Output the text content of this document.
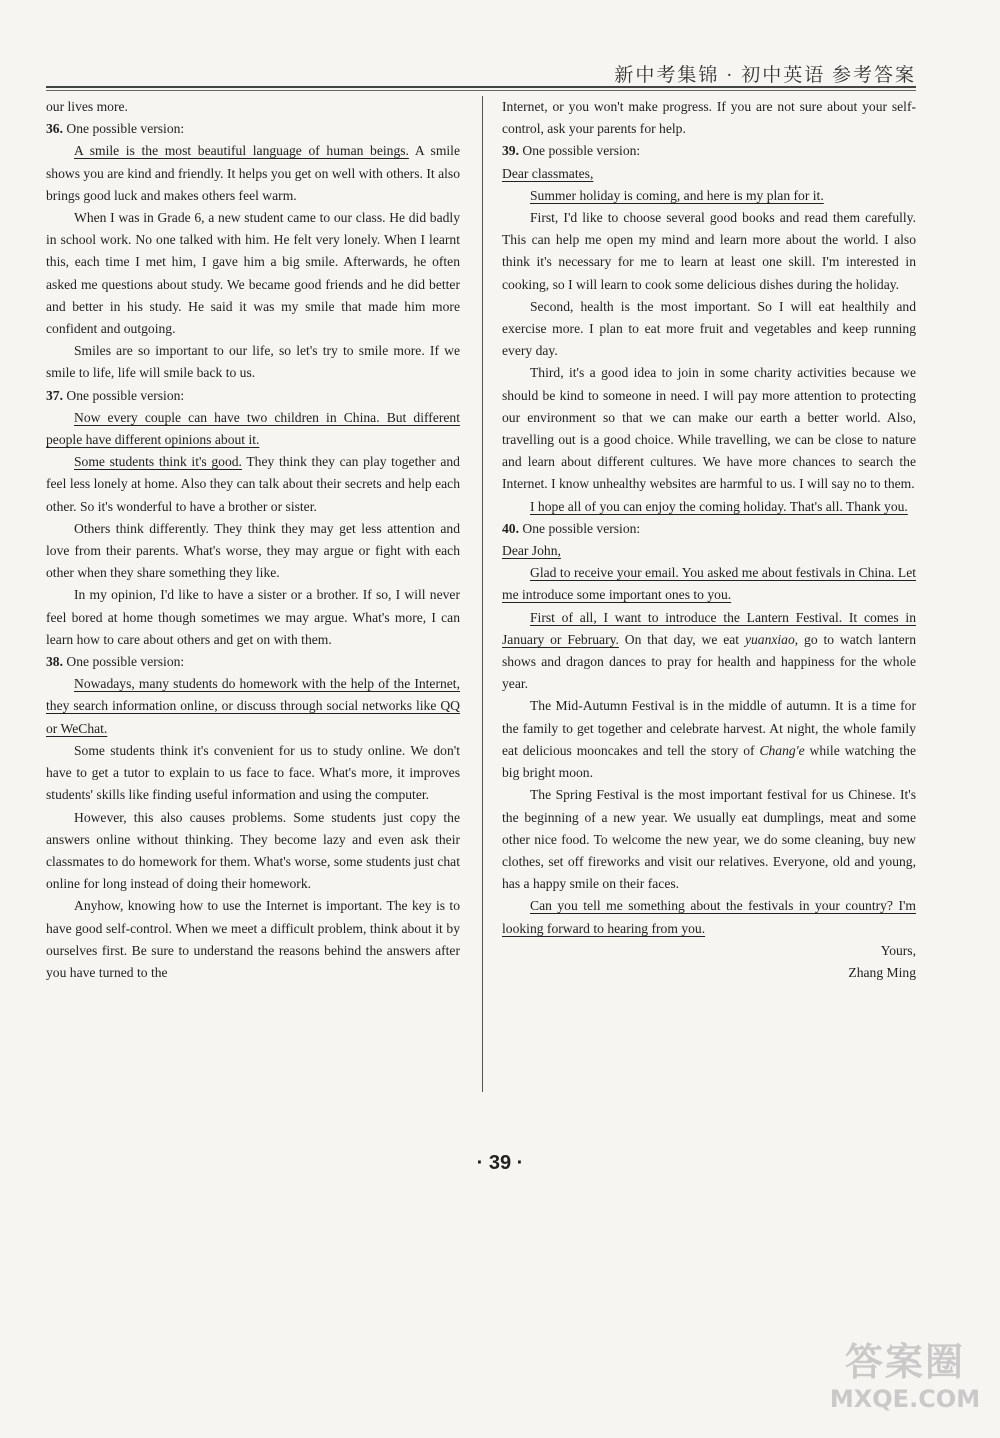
新中考集锦 · 初中英语 参考答案

our lives more.

36. One possible version:

A smile is the most beautiful language of human beings. A smile shows you are kind and friendly. It helps you get on well with others. It also brings good luck and makes others feel warm.

When I was in Grade 6, a new student came to our class. He did badly in school work. No one talked with him. He felt very lonely. When I learnt this, each time I met him, I gave him a big smile. Afterwards, he often asked me questions about study. We became good friends and he did better and better in his study. He said it was my smile that made him more confident and outgoing.

Smiles are so important to our life, so let's try to smile more. If we smile to life, life will smile back to us.

37. One possible version:

Now every couple can have two children in China. But different people have different opinions about it.

Some students think it's good. They think they can play together and feel less lonely at home. Also they can talk about their secrets and help each other. So it's wonderful to have a brother or sister.

Others think differently. They think they may get less attention and love from their parents. What's worse, they may argue or fight with each other when they share something they like.

In my opinion, I'd like to have a sister or a brother. If so, I will never feel bored at home though sometimes we may argue. What's more, I can learn how to care about others and get on with them.

38. One possible version:

Nowadays, many students do homework with the help of the Internet, they search information online, or discuss through social networks like QQ or WeChat.

Some students think it's convenient for us to study online. We don't have to get a tutor to explain to us face to face. What's more, it improves students' skills like finding useful information and using the computer.

However, this also causes problems. Some students just copy the answers online without thinking. They become lazy and even ask their classmates to do homework for them. What's worse, some students just chat online for long instead of doing their homework.

Anyhow, knowing how to use the Internet is important. The key is to have good self-control. When we meet a difficult problem, think about it by ourselves first. Be sure to understand the reasons behind the answers after you have turned to the

Internet, or you won't make progress. If you are not sure about your self-control, ask your parents for help.

39. One possible version:

Dear classmates,

Summer holiday is coming, and here is my plan for it.

First, I'd like to choose several good books and read them carefully. This can help me open my mind and learn more about the world. I also think it's necessary for me to learn at least one skill. I'm interested in cooking, so I will learn to cook some delicious dishes during the holiday.

Second, health is the most important. So I will eat healthily and exercise more. I plan to eat more fruit and vegetables and keep running every day.

Third, it's a good idea to join in some charity activities because we should be kind to someone in need. I will pay more attention to protecting our environment so that we can make our earth a better world. Also, travelling out is a good choice. While travelling, we can be close to nature and learn about different cultures. We have more chances to search the Internet. I know unhealthy websites are harmful to us. I will say no to them.

I hope all of you can enjoy the coming holiday. That's all. Thank you.

40. One possible version:

Dear John,

Glad to receive your email. You asked me about festivals in China. Let me introduce some important ones to you.

First of all, I want to introduce the Lantern Festival. It comes in January or February. On that day, we eat yuanxiao, go to watch lantern shows and dragon dances to pray for health and happiness for the whole year.

The Mid-Autumn Festival is in the middle of autumn. It is a time for the family to get together and celebrate harvest. At night, the whole family eat delicious mooncakes and tell the story of Chang'e while watching the big bright moon.

The Spring Festival is the most important festival for us Chinese. It's the beginning of a new year. We usually eat dumplings, meat and some other nice food. To welcome the new year, we do some cleaning, buy new clothes, set off fireworks and visit our relatives. Everyone, old and young, has a happy smile on their faces.

Can you tell me something about the festivals in your country? I'm looking forward to hearing from you.

Yours,

Zhang Ming

· 39 ·
答案圈
MXQE.COM
